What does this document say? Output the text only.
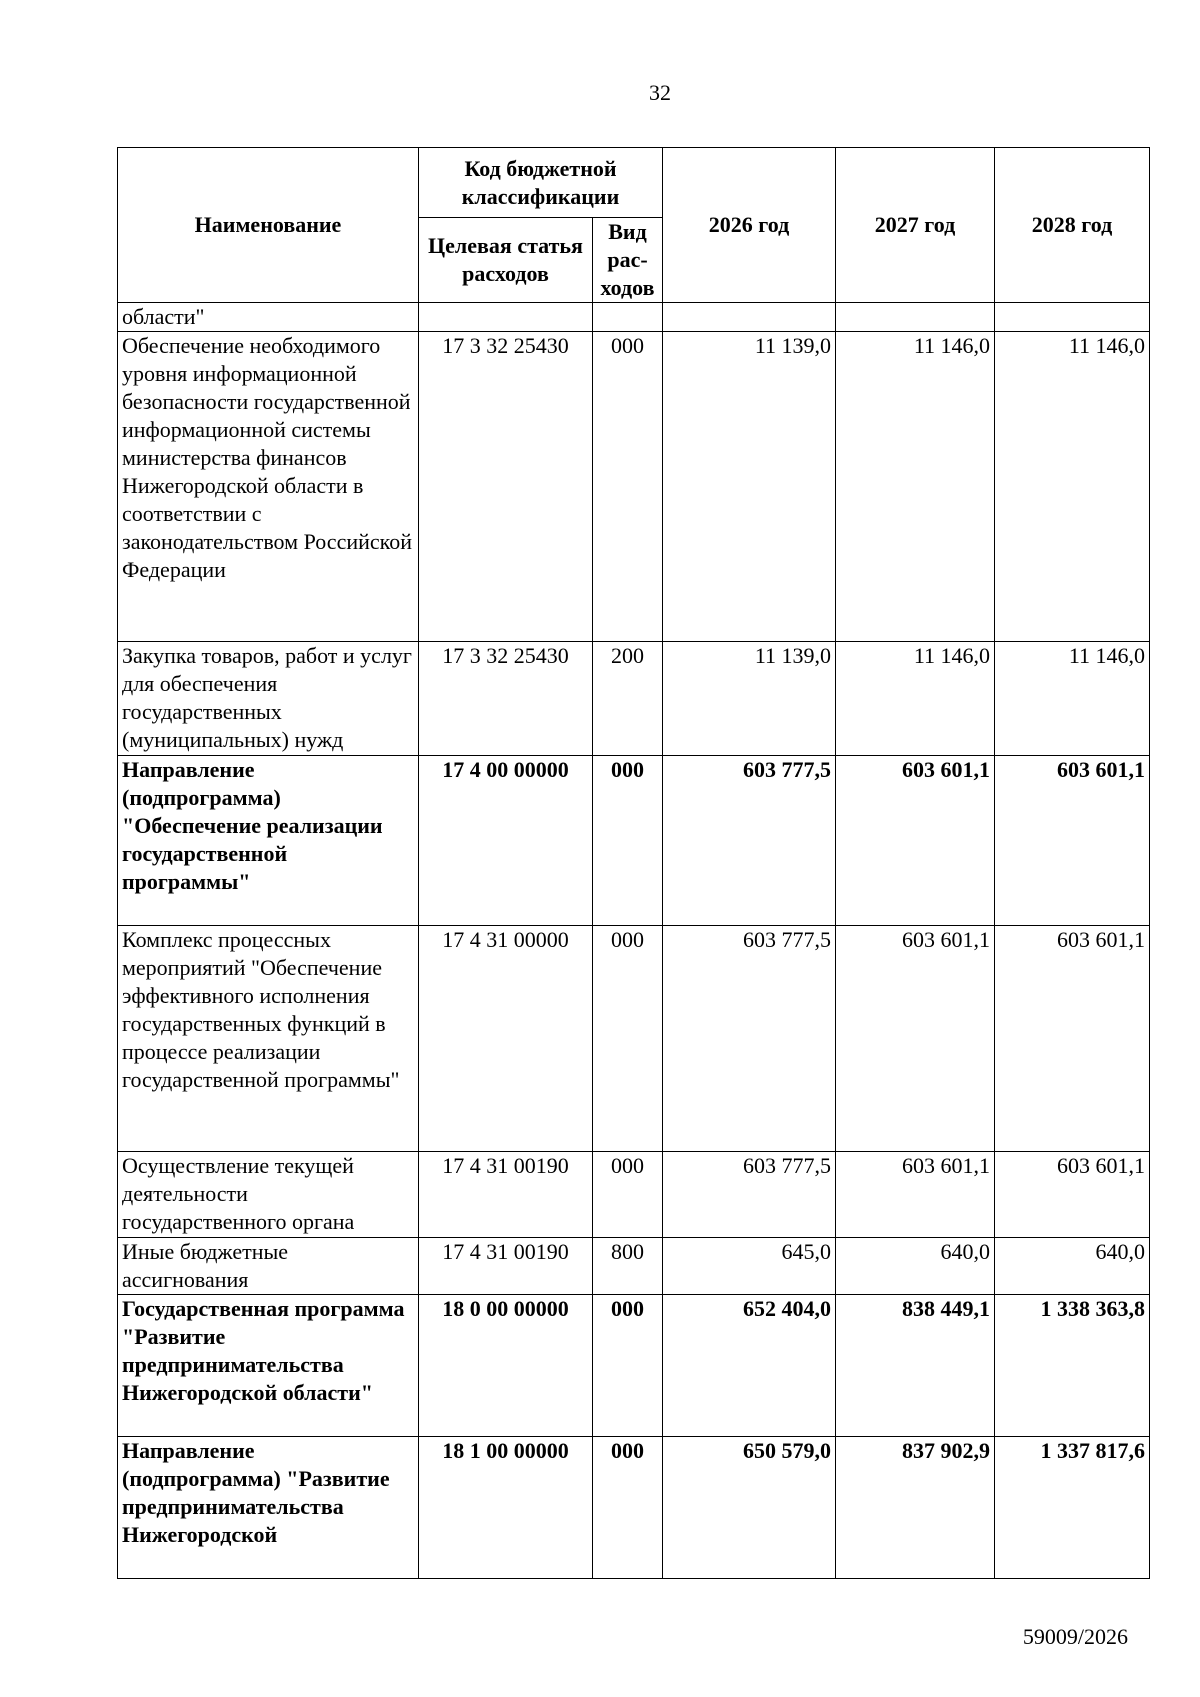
32
Наименование	Код бюджетной классификации		2026 год	2027 год	2028 год
	Целевая статья расходов	Вид рас-ходов			
области"					
Обеспечение необходимого уровня информационной безопасности государственной информационной системы министерства финансов Нижегородской области в соответствии с законодательством Российской Федерации	17 3 32 25430	000	11 139,0	11 146,0	11 146,0
Закупка товаров, работ и услуг для обеспечения государственных (муниципальных) нужд	17 3 32 25430	200	11 139,0	11 146,0	11 146,0
Направление (подпрограмма) "Обеспечение реализации государственной программы"	17 4 00 00000	000	603 777,5	603 601,1	603 601,1
Комплекс процессных мероприятий "Обеспечение эффективного исполнения государственных функций в процессе реализации государственной программы"	17 4 31 00000	000	603 777,5	603 601,1	603 601,1
Осуществление текущей деятельности государственного органа	17 4 31 00190	000	603 777,5	603 601,1	603 601,1
Иные бюджетные ассигнования	17 4 31 00190	800	645,0	640,0	640,0
Государственная программа "Развитие предпринимательства Нижегородской области"	18 0 00 00000	000	652 404,0	838 449,1	1 338 363,8
Направление (подпрограмма) "Развитие предпринимательства Нижегородской	18 1 00 00000	000	650 579,0	837 902,9	1 337 817,6
59009/2026
